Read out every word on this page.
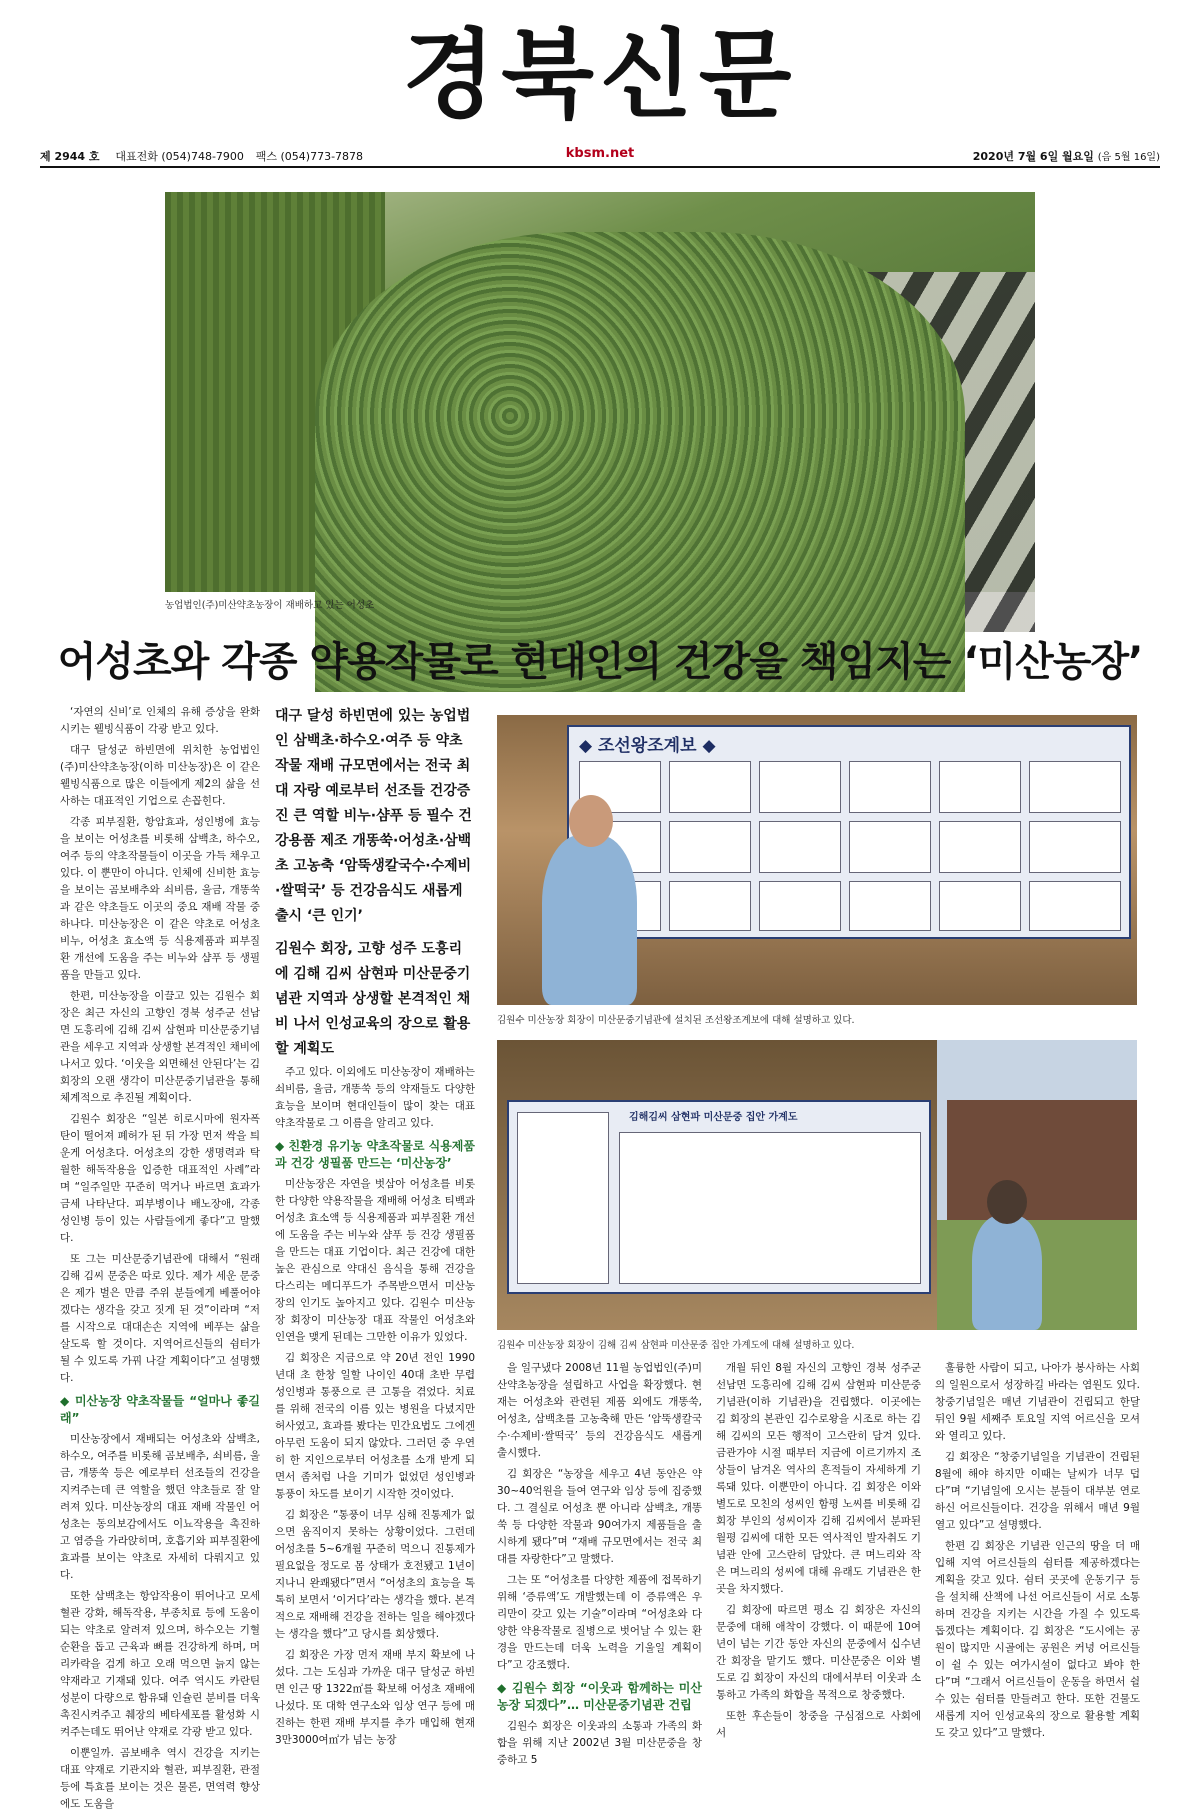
경북신문
제 2944 호 대표전화 (054)748-7900 팩스 (054)773-7878	kbsm.net	2020년 7월 6일 월요일 (음 5월 16일)
농업법인(주)미산약초농장이 재배하고 있는 어성초
어성초와 각종 약용작물로 현대인의 건강을 책임지는 ‘미산농장’

‘자연의 신비’로 인체의 유해 증상을 완화시키는 웰빙식품이 각광 받고 있다.

대구 달성군 하빈면에 위치한 농업법인(주)미산약초농장(이하 미산농장)은 이 같은 웰빙식품으로 많은 이들에게 제2의 삶을 선사하는 대표적인 기업으로 손꼽힌다.

각종 피부질환, 항암효과, 성인병에 효능을 보이는 어성초를 비롯해 삼백초, 하수오, 여주 등의 약초작물들이 이곳을 가득 채우고 있다. 이 뿐만이 아니다. 인체에 신비한 효능을 보이는 곰보배추와 쇠비름, 울금, 개똥쑥과 같은 약초들도 이곳의 중요 재배 작물 중 하나다. 미산농장은 이 같은 약초로 어성초 비누, 어성초 효소액 등 식용제품과 피부질환 개선에 도움을 주는 비누와 샴푸 등 생필품을 만들고 있다.

한편, 미산농장을 이끌고 있는 김원수 회장은 최근 자신의 고향인 경북 성주군 선남면 도흥리에 김해 김씨 삼현파 미산문중기념관을 세우고 지역과 상생할 본격적인 채비에 나서고 있다. ‘이웃을 외면해선 안된다’는 김 회장의 오랜 생각이 미산문중기념관을 통해 체계적으로 추진될 계획이다.

김원수 회장은 “일본 히로시마에 원자폭탄이 떨어져 폐허가 된 뒤 가장 먼저 싹을 틔운게 어성초다. 어성초의 강한 생명력과 탁월한 해독작용을 입증한 대표적인 사례”라며 “일주일만 꾸준히 먹거나 바르면 효과가 금세 나타난다. 피부병이나 배노장애, 각종 성인병 등이 있는 사람들에게 좋다”고 말했다.

또 그는 미산문중기념관에 대해서 “원래 김해 김씨 문중은 따로 있다. 제가 세운 문중은 제가 벌은 만큼 주위 분들에게 베풀어야겠다는 생각을 갖고 짓게 된 것”이라며 “저를 시작으로 대대손손 지역에 베푸는 삶을 살도록 할 것이다. 지역어르신들의 쉼터가 될 수 있도록 가꿔 나갈 계획이다”고 설명했다.

◆ 미산농장 약초작물들 “얼마나 좋길래”

미산농장에서 재배되는 어성초와 삼백초, 하수오, 여주를 비롯해 곰보배추, 쇠비름, 울금, 개똥쑥 등은 예로부터 선조들의 건강을 지켜주는데 큰 역할을 했던 약초들로 잘 알려져 있다. 미산농장의 대표 재배 작물인 어성초는 동의보감에서도 이뇨작용을 촉진하고 염증을 가라앉히며, 호흡기와 피부질환에 효과를 보이는 약초로 자세히 다뤄지고 있다.

또한 삼백초는 항암작용이 뛰어나고 모세혈관 강화, 해독작용, 부종치료 등에 도움이 되는 약초로 알려져 있으며, 하수오는 기혈순환을 돕고 근육과 뼈를 건강하게 하며, 머리카락을 검게 하고 오래 먹으면 늙지 않는 약재라고 기재돼 있다. 여주 역시도 카란틴 성분이 다량으로 함유돼 인슐린 분비를 더욱 촉진시켜주고 췌장의 베타세포를 활성화 시켜주는데도 뛰어난 약재로 각광 받고 있다.

이뿐일까. 곰보배추 역시 건강을 지키는 대표 약재로 기관지와 혈관, 피부질환, 관절 등에 특효를 보이는 것은 물론, 면역력 향상에도 도움을

대구 달성 하빈면에 있는 농업법인 삼백초·하수오·여주 등 약초작물 재배 규모면에서는 전국 최대 자랑 예로부터 선조들 건강증진 큰 역할 비누·샴푸 등 필수 건강용품 제조 개똥쑥·어성초·삼백초 고농축 ‘암뚝생칼국수·수제비·쌀떡국’ 등 건강음식도 새롭게 출시 ‘큰 인기’

김원수 회장, 고향 성주 도흥리에 김해 김씨 삼현파 미산문중기념관 지역과 상생할 본격적인 채비 나서 인성교육의 장으로 활용할 계획도

주고 있다. 이외에도 미산농장이 재배하는 쇠비름, 울금, 개똥쑥 등의 약재들도 다양한 효능을 보이며 현대인들이 많이 찾는 대표 약초작물로 그 이름을 알리고 있다.

◆ 친환경 유기농 약초작물로 식용제품과 건강 생필품 만드는 ‘미산농장’

미산농장은 자연을 벗삼아 어성초를 비롯한 다양한 약용작물을 재배해 어성초 티백과 어성초 효소액 등 식용제품과 피부질환 개선에 도움을 주는 비누와 샴푸 등 건강 생필품을 만드는 대표 기업이다. 최근 건강에 대한 높은 관심으로 약대신 음식을 통해 건강을 다스리는 메디푸드가 주목받으면서 미산농장의 인기도 높아지고 있다. 김원수 미산농장 회장이 미산농장 대표 작물인 어성초와 인연을 맺게 된데는 그만한 이유가 있었다.

김 회장은 지금으로 약 20년 전인 1990년대 초 한창 일할 나이인 40대 초반 무렵 성인병과 통풍으로 큰 고통을 겪었다. 치료를 위해 전국의 이름 있는 병원을 다녔지만 허사였고, 효과를 봤다는 민간요법도 그에겐 아무런 도움이 되지 않았다. 그러던 중 우연히 한 지인으로부터 어성초를 소개 받게 되면서 좀처럼 나을 기미가 없었던 성인병과 통풍이 차도를 보이기 시작한 것이었다.

김 회장은 “통풍이 너무 심해 진통제가 없으면 움직이지 못하는 상황이었다. 그런데 어성초를 5~6개월 꾸준히 먹으니 진통제가 필요없을 정도로 몸 상태가 호전됐고 1년이 지나니 완쾌됐다”면서 “어성초의 효능을 톡톡히 보면서 ‘이거다’라는 생각을 했다. 본격적으로 재배해 건강을 전하는 일을 해야겠다는 생각을 했다”고 당시를 회상했다.

김 회장은 가장 먼저 재배 부지 확보에 나섰다. 그는 도심과 가까운 대구 달성군 하빈면 인근 땅 1322㎡를 확보해 어성초 재배에 나섰다. 또 대학 연구소와 임상 연구 등에 매진하는 한편 재배 부지를 추가 매입해 현재 3만3000여㎡가 넘는 농장

◆ 조선왕조계보 ◆
김원수 미산농장 회장이 미산문중기념관에 설치된 조선왕조계보에 대해 설명하고 있다.
김해김씨 삼현파 미산문중 집안 가계도
김원수 미산농장 회장이 김해 김씨 삼현파 미산문중 집안 가계도에 대해 설명하고 있다.

을 일구냈다 2008년 11월 농업법인(주)미산약초농장을 설립하고 사업을 확장했다. 현재는 어성초와 관련된 제품 외에도 개똥쑥, 어성초, 삼백초를 고농축해 만든 ‘암뚝생칼국수·수제비·쌀떡국’ 등의 건강음식도 새롭게 출시했다.

김 회장은 “농장을 세우고 4년 동안은 약 30~40억원을 들여 연구와 임상 등에 집중했다. 그 결실로 어성초 뿐 아니라 삼백초, 개똥쑥 등 다양한 작물과 90여가지 제품들을 출시하게 됐다”며 “재배 규모면에서는 전국 최대를 자랑한다”고 말했다.

그는 또 “어성초를 다양한 제품에 접목하기 위해 ‘증류액’도 개발했는데 이 증류액은 우리만이 갖고 있는 기술”이라며 “어성초와 다양한 약용작물로 질병으로 벗어날 수 있는 환경을 만드는데 더욱 노력을 기울일 계획이다”고 강조했다.

◆ 김원수 회장 “이웃과 함께하는 미산농장 되겠다”… 미산문중기념관 건립

김원수 회장은 이웃과의 소통과 가족의 화합을 위해 지난 2002년 3월 미산문중을 창중하고 5

개월 뒤인 8월 자신의 고향인 경북 성주군 선남면 도흥리에 김해 김씨 삼현파 미산문중기념관(이하 기념관)을 건립했다. 이곳에는 김 회장의 본관인 김수로왕을 시조로 하는 김해 김씨의 모든 행적이 고스란히 담겨 있다. 금관가야 시절 때부터 지금에 이르기까지 조상들이 남겨온 역사의 흔적들이 자세하게 기록돼 있다. 이뿐만이 아니다. 김 회장은 이와 별도로 모친의 성씨인 함평 노씨를 비롯해 김 회장 부인의 성씨이자 김해 김씨에서 분파된 월평 김씨에 대한 모든 역사적인 발자취도 기념관 안에 고스란히 담았다. 큰 며느리와 작은 며느리의 성씨에 대해 유래도 기념관은 한 곳을 차지했다.

김 회장에 따르면 평소 김 회장은 자신의 문중에 대해 애착이 강했다. 이 때문에 10여년이 넘는 기간 동안 자신의 문중에서 십수년간 회장을 맡기도 했다. 미산문중은 이와 별도로 김 회장이 자신의 대에서부터 이웃과 소통하고 가족의 화합을 목적으로 창중했다.

또한 후손들이 창중을 구심점으로 사회에서

훌륭한 사람이 되고, 나아가 봉사하는 사회의 일원으로서 성장하길 바라는 염원도 있다. 창중기념일은 매년 기념관이 건립되고 한달 뒤인 9월 세째주 토요일 지역 어르신을 모셔와 열리고 있다.

김 회장은 “창중기념일을 기념관이 건립된 8월에 해야 하지만 이때는 날씨가 너무 덥다”며 “기념일에 오시는 분들이 대부분 연로하신 어르신들이다. 건강을 위해서 매년 9월 열고 있다”고 설명했다.

한편 김 회장은 기념관 인근의 땅을 더 매입해 지역 어르신들의 쉼터를 제공하겠다는 계획을 갖고 있다. 쉼터 곳곳에 운동기구 등을 설치해 산책에 나선 어르신들이 서로 소통하며 건강을 지키는 시간을 가질 수 있도록 돕겠다는 계획이다. 김 회장은 “도시에는 공원이 많지만 시골에는 공원은 커녕 어르신들이 쉴 수 있는 여가시설이 없다고 봐야 한다”며 “그래서 어르신들이 운동을 하면서 쉴 수 있는 쉼터를 만들려고 한다. 또한 건물도 새롭게 지어 인성교육의 장으로 활용할 계획도 갖고 있다”고 말했다.
